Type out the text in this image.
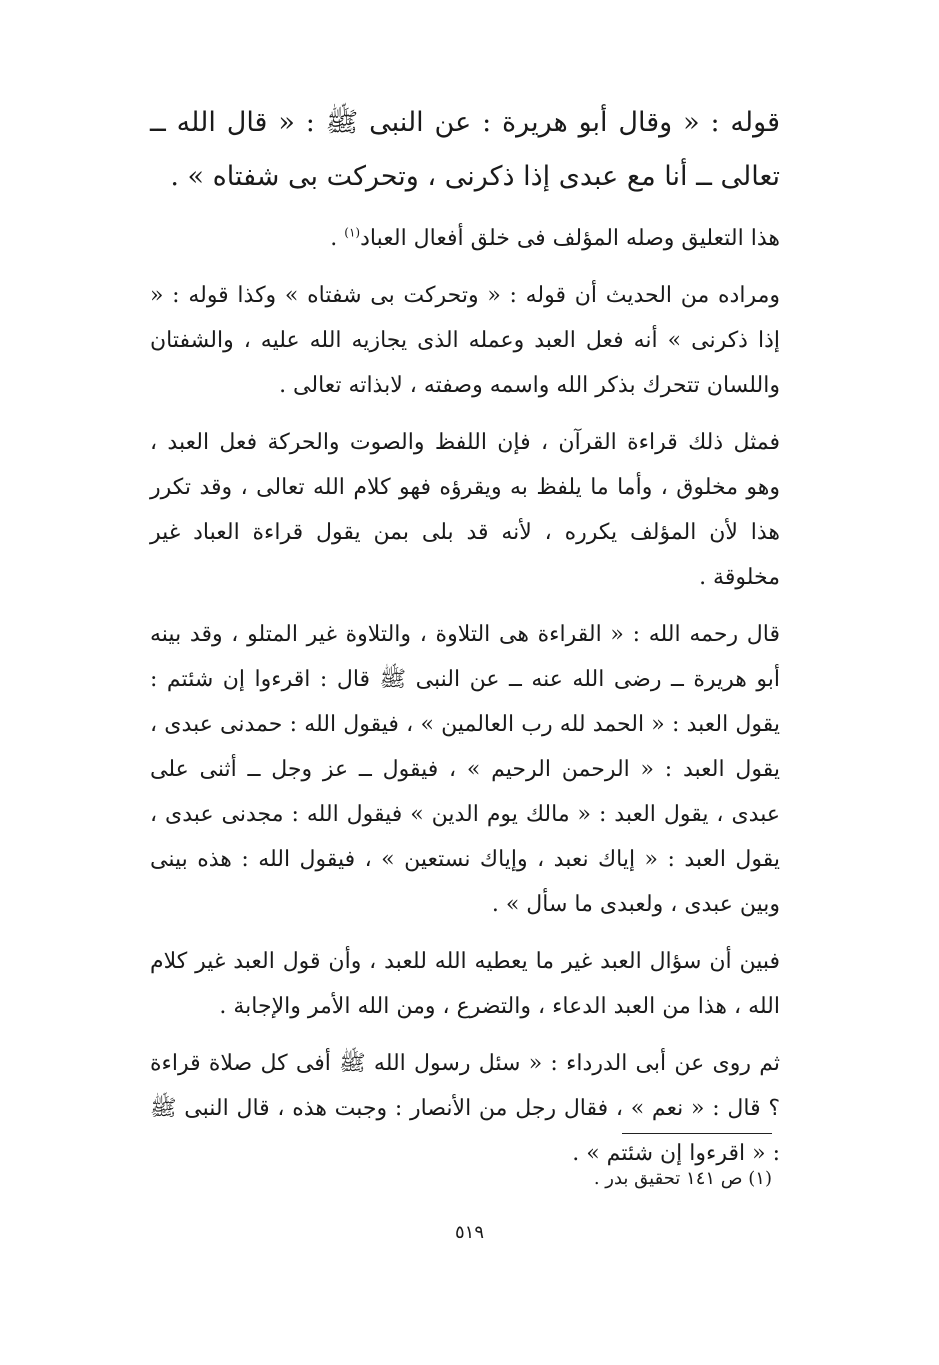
قوله : « وقال أبو هريرة : عن النبى ﷺ : « قال الله ــ تعالى ــ أنا مع عبدى إذا ذكرنى ، وتحركت بى شفتاه » .

هذا التعليق وصله المؤلف فى خلق أفعال العباد$^{(١)}$ .

ومراده من الحديث أن قوله : « وتحركت بى شفتاه » وكذا قوله : « إذا ذكرنى » أنه فعل العبد وعمله الذى يجازيه الله عليه ، والشفتان واللسان تتحرك بذكر الله واسمه وصفته ، لابذاته تعالى .

فمثل ذلك قراءة القرآن ، فإن اللفظ والصوت والحركة فعل العبد ، وهو مخلوق ، وأما ما يلفظ به ويقرؤه فهو كلام الله تعالى ، وقد تكرر هذا لأن المؤلف يكرره ، لأنه قد بلى بمن يقول قراءة العباد غير مخلوقة .

قال رحمه الله : « القراءة هى التلاوة ، والتلاوة غير المتلو ، وقد بينه أبو هريرة ــ رضى الله عنه ــ عن النبى ﷺ قال : اقرءوا إن شئتم : يقول العبد : « الحمد لله رب العالمين » ، فيقول الله : حمدنى عبدى ، يقول العبد : « الرحمن الرحيم » ، فيقول ــ عز وجل ــ أثنى على عبدى ، يقول العبد : « مالك يوم الدين » فيقول الله : مجدنى عبدى ، يقول العبد : « إياك نعبد ، وإياك نستعين » ، فيقول الله : هذه بينى وبين عبدى ، ولعبدى ما سأل » .

فبين أن سؤال العبد غير ما يعطيه الله للعبد ، وأن قول العبد غير كلام الله ، هذا من العبد الدعاء ، والتضرع ، ومن الله الأمر والإجابة .

ثم روى عن أبى الدرداء : « سئل رسول الله ﷺ أفى كل صلاة قراءة ؟ قال : « نعم » ، فقال رجل من الأنصار : وجبت هذه ، قال النبى ﷺ : « اقرءوا إن شئتم » .

(١) ص ١٤١ تحقيق بدر .
٥١٩
